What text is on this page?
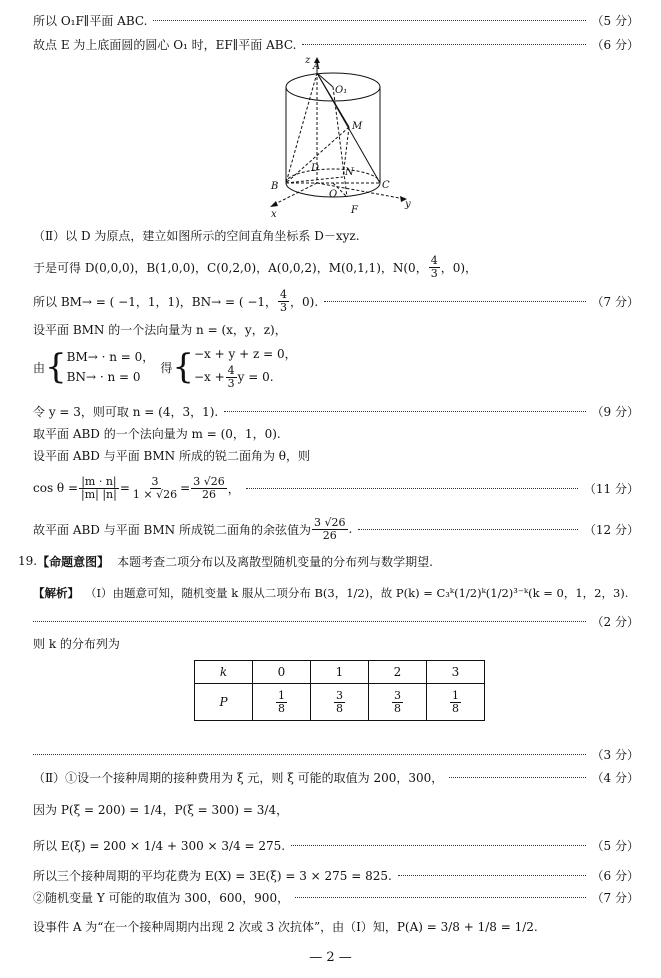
所以 O₁F∥平面 ABC.	（5 分）
故点 E 为上底面圆的圆心 O₁ 时，EF∥平面 ABC.	（6 分）
z
A
O₁
M
D	N
B
O
C
F
x
y
（Ⅱ）以 D 为原点，建立如图所示的空间直角坐标系 D－xyz.
于是可得 D(0,0,0)，B(1,0,0)，C(0,2,0)，A(0,0,2)，M(0,1,1)，N (0， $\frac{4}{3}$ ，0)，
所以 BM→ = ( −1，1，1)，BN→ = ( −1， $\frac{4}{3}$ ，0).	（7 分）
设平面 BMN 的一个法向量为 n = (x，y，z)，
由 { BM→ · n = 0，
BN→ · n = 0
得 { −x + y + z = 0，
$-x + \frac{4}{3}$ y = 0.
令 y = 3，则可取 n = (4，3，1).	（9 分）
取平面 ABD 的一个法向量为 m = (0，1，0).
设平面 ABD 与平面 BMN 所成的锐二面角为 θ，则
$\cos \theta = \frac{|m \cdot n|}{|m| |n|} = \frac{3}{1 \times √26} = \frac{3 √26}{26}$ ，	（11 分）
故平面 ABD 与平面 BMN 所成锐二面角的余弦值为 $\frac{3 √26}{26}$ .	（12 分）
19. 【命题意图】 本题考查二项分布以及离散型随机变量的分布列与数学期望.
【解析】 （Ⅰ）由题意可知，随机变量 k 服从二项分布 B(3，1/2)，故 P(k) = C₃ᵏ(1/2)ᵏ(1/2)³⁻ᵏ(k = 0，1，2，3).
（2 分）
则 k 的分布列为
k	0	1	2	3
P	$\frac{1}{8}$	$\frac{3}{8}$	$\frac{3}{8}$	$\frac{1}{8}$
（3 分）
（Ⅱ）①设一个接种周期的接种费用为 ξ 元，则 ξ 可能的取值为 200，300，	（4 分）
因为 P(ξ = 200) = 1/4，P(ξ = 300) = 3/4，
所以 E(ξ) = 200 × 1/4 + 300 × 3/4 = 275.	（5 分）
所以三个接种周期的平均花费为 E(X) = 3E(ξ) = 3 × 275 = 825.	（6 分）
②随机变量 Y 可能的取值为 300，600，900，	（7 分）
设事件 A 为“在一个接种周期内出现 2 次或 3 次抗体”，由（Ⅰ）知，P(A) = 3/8 + 1/8 = 1/2.
— 2 —
